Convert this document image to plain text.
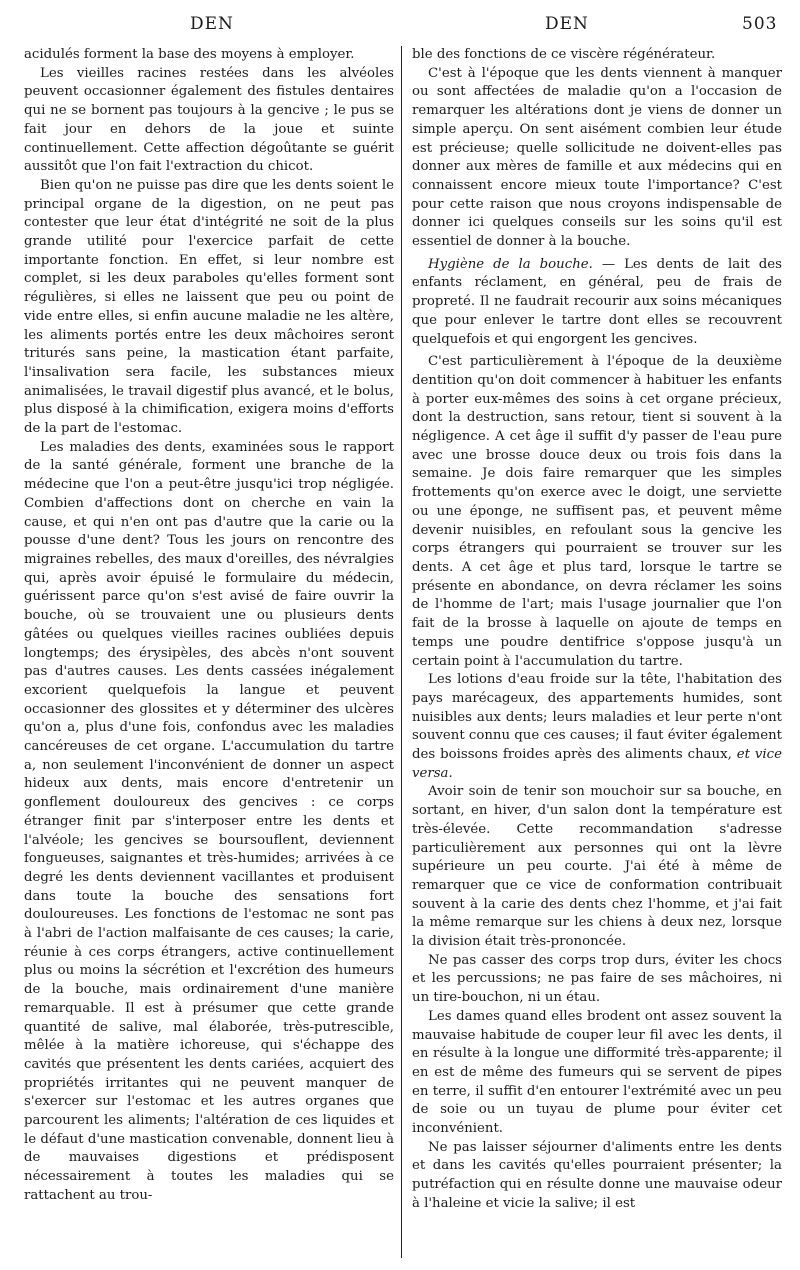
DEN	DEN	503

acidulés forment la base des moyens à employer.

Les vieilles racines restées dans les alvéoles peuvent occasionner également des fistules dentaires qui ne se bornent pas toujours à la gencive ; le pus se fait jour en dehors de la joue et suinte continuellement. Cette affection dégoûtante se guérit aussitôt que l'on fait l'extraction du chicot.

Bien qu'on ne puisse pas dire que les dents soient le principal organe de la digestion, on ne peut pas contester que leur état d'intégrité ne soit de la plus grande utilité pour l'exercice parfait de cette importante fonction. En effet, si leur nombre est complet, si les deux paraboles qu'elles forment sont régulières, si elles ne laissent que peu ou point de vide entre elles, si enfin aucune maladie ne les altère, les aliments portés entre les deux mâchoires seront triturés sans peine, la mastication étant parfaite, l'insalivation sera facile, les substances mieux animalisées, le travail digestif plus avancé, et le bolus, plus disposé à la chimification, exigera moins d'efforts de la part de l'estomac.

Les maladies des dents, examinées sous le rapport de la santé générale, forment une branche de la médecine que l'on a peut-être jusqu'ici trop négligée. Combien d'affections dont on cherche en vain la cause, et qui n'en ont pas d'autre que la carie ou la pousse d'une dent? Tous les jours on rencontre des migraines rebelles, des maux d'oreilles, des névralgies qui, après avoir épuisé le formulaire du médecin, guérissent parce qu'on s'est avisé de faire ouvrir la bouche, où se trouvaient une ou plusieurs dents gâtées ou quelques vieilles racines oubliées depuis longtemps; des érysipèles, des abcès n'ont souvent pas d'autres causes. Les dents cassées inégalement excorient quelquefois la langue et peuvent occasionner des glossites et y déterminer des ulcères qu'on a, plus d'une fois, confondus avec les maladies cancéreuses de cet organe. L'accumulation du tartre a, non seulement l'inconvénient de donner un aspect hideux aux dents, mais encore d'entretenir un gonflement douloureux des gencives : ce corps étranger finit par s'interposer entre les dents et l'alvéole; les gencives se boursouflent, deviennent fongueuses, saignantes et très-humides; arrivées à ce degré les dents deviennent vacillantes et produisent dans toute la bouche des sensations fort douloureuses. Les fonctions de l'estomac ne sont pas à l'abri de l'action malfaisante de ces causes; la carie, réunie à ces corps étrangers, active continuellement plus ou moins la sécrétion et l'excrétion des humeurs de la bouche, mais ordinairement d'une manière remarquable. Il est à présumer que cette grande quantité de salive, mal élaborée, très-putrescible, mêlée à la matière ichoreuse, qui s'échappe des cavités que présentent les dents cariées, acquiert des propriétés irritantes qui ne peuvent manquer de s'exercer sur l'estomac et les autres organes que parcourent les aliments; l'altération de ces liquides et le défaut d'une mastication convenable, donnent lieu à de mauvaises digestions et prédisposent nécessairement à toutes les maladies qui se rattachent au trou-

ble des fonctions de ce viscère régénérateur.

C'est à l'époque que les dents viennent à manquer ou sont affectées de maladie qu'on a l'occasion de remarquer les altérations dont je viens de donner un simple aperçu. On sent aisément combien leur étude est précieuse; quelle sollicitude ne doivent-elles pas donner aux mères de famille et aux médecins qui en connaissent encore mieux toute l'importance? C'est pour cette raison que nous croyons indispensable de donner ici quelques conseils sur les soins qu'il est essentiel de donner à la bouche.

Hygiène de la bouche. — Les dents de lait des enfants réclament, en général, peu de frais de propreté. Il ne faudrait recourir aux soins mécaniques que pour enlever le tartre dont elles se recouvrent quelquefois et qui engorgent les gencives.

C'est particulièrement à l'époque de la deuxième dentition qu'on doit commencer à habituer les enfants à porter eux-mêmes des soins à cet organe précieux, dont la destruction, sans retour, tient si souvent à la négligence. A cet âge il suffit d'y passer de l'eau pure avec une brosse douce deux ou trois fois dans la semaine. Je dois faire remarquer que les simples frottements qu'on exerce avec le doigt, une serviette ou une éponge, ne suffisent pas, et peuvent même devenir nuisibles, en refoulant sous la gencive les corps étrangers qui pourraient se trouver sur les dents. A cet âge et plus tard, lorsque le tartre se présente en abondance, on devra réclamer les soins de l'homme de l'art; mais l'usage journalier que l'on fait de la brosse à laquelle on ajoute de temps en temps une poudre dentifrice s'oppose jusqu'à un certain point à l'accumulation du tartre.

Les lotions d'eau froide sur la tête, l'habitation des pays marécageux, des appartements humides, sont nuisibles aux dents; leurs maladies et leur perte n'ont souvent connu que ces causes; il faut éviter également des boissons froides après des aliments chaux, et vice versa.

Avoir soin de tenir son mouchoir sur sa bouche, en sortant, en hiver, d'un salon dont la température est très-élevée. Cette recommandation s'adresse particulièrement aux personnes qui ont la lèvre supérieure un peu courte. J'ai été à même de remarquer que ce vice de conformation contribuait souvent à la carie des dents chez l'homme, et j'ai fait la même remarque sur les chiens à deux nez, lorsque la division était très-prononcée.

Ne pas casser des corps trop durs, éviter les chocs et les percussions; ne pas faire de ses mâchoires, ni un tire-bouchon, ni un étau.

Les dames quand elles brodent ont assez souvent la mauvaise habitude de couper leur fil avec les dents, il en résulte à la longue une difformité très-apparente; il en est de même des fumeurs qui se servent de pipes en terre, il suffit d'en entourer l'extrémité avec un peu de soie ou un tuyau de plume pour éviter cet inconvénient.

Ne pas laisser séjourner d'aliments entre les dents et dans les cavités qu'elles pourraient présenter; la putréfaction qui en résulte donne une mauvaise odeur à l'haleine et vicie la salive; il est
